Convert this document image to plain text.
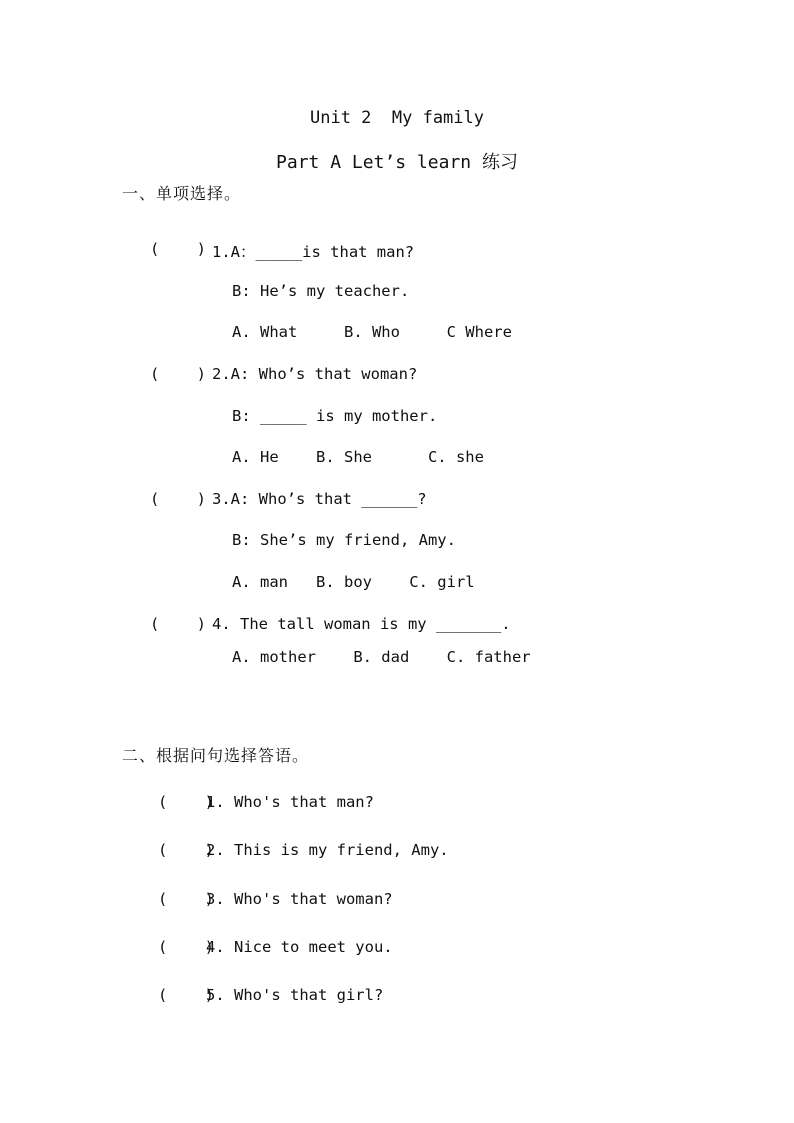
Unit 2  My family
Part A Let’s learn 练习
一、单项选择。
(    ) 1.A：_____is that man?
B: He’s my teacher.
A. What     B. Who     C Where
(    ) 2.A: Who’s that woman?
B: _____ is my mother.
A. He    B. She      C. she
(    ) 3.A: Who’s that ______?
B: She’s my friend, Amy.
A. man   B. boy    C. girl
(    ) 4. The tall woman is my _______.
A. mother    B. dad    C. father
二、根据问句选择答语。
(    )
1. Who's that man?
(    )
2. This is my friend, Amy.
(    )
3. Who's that woman?
(    )
4. Nice to meet you.
(    )
5. Who's that girl?
